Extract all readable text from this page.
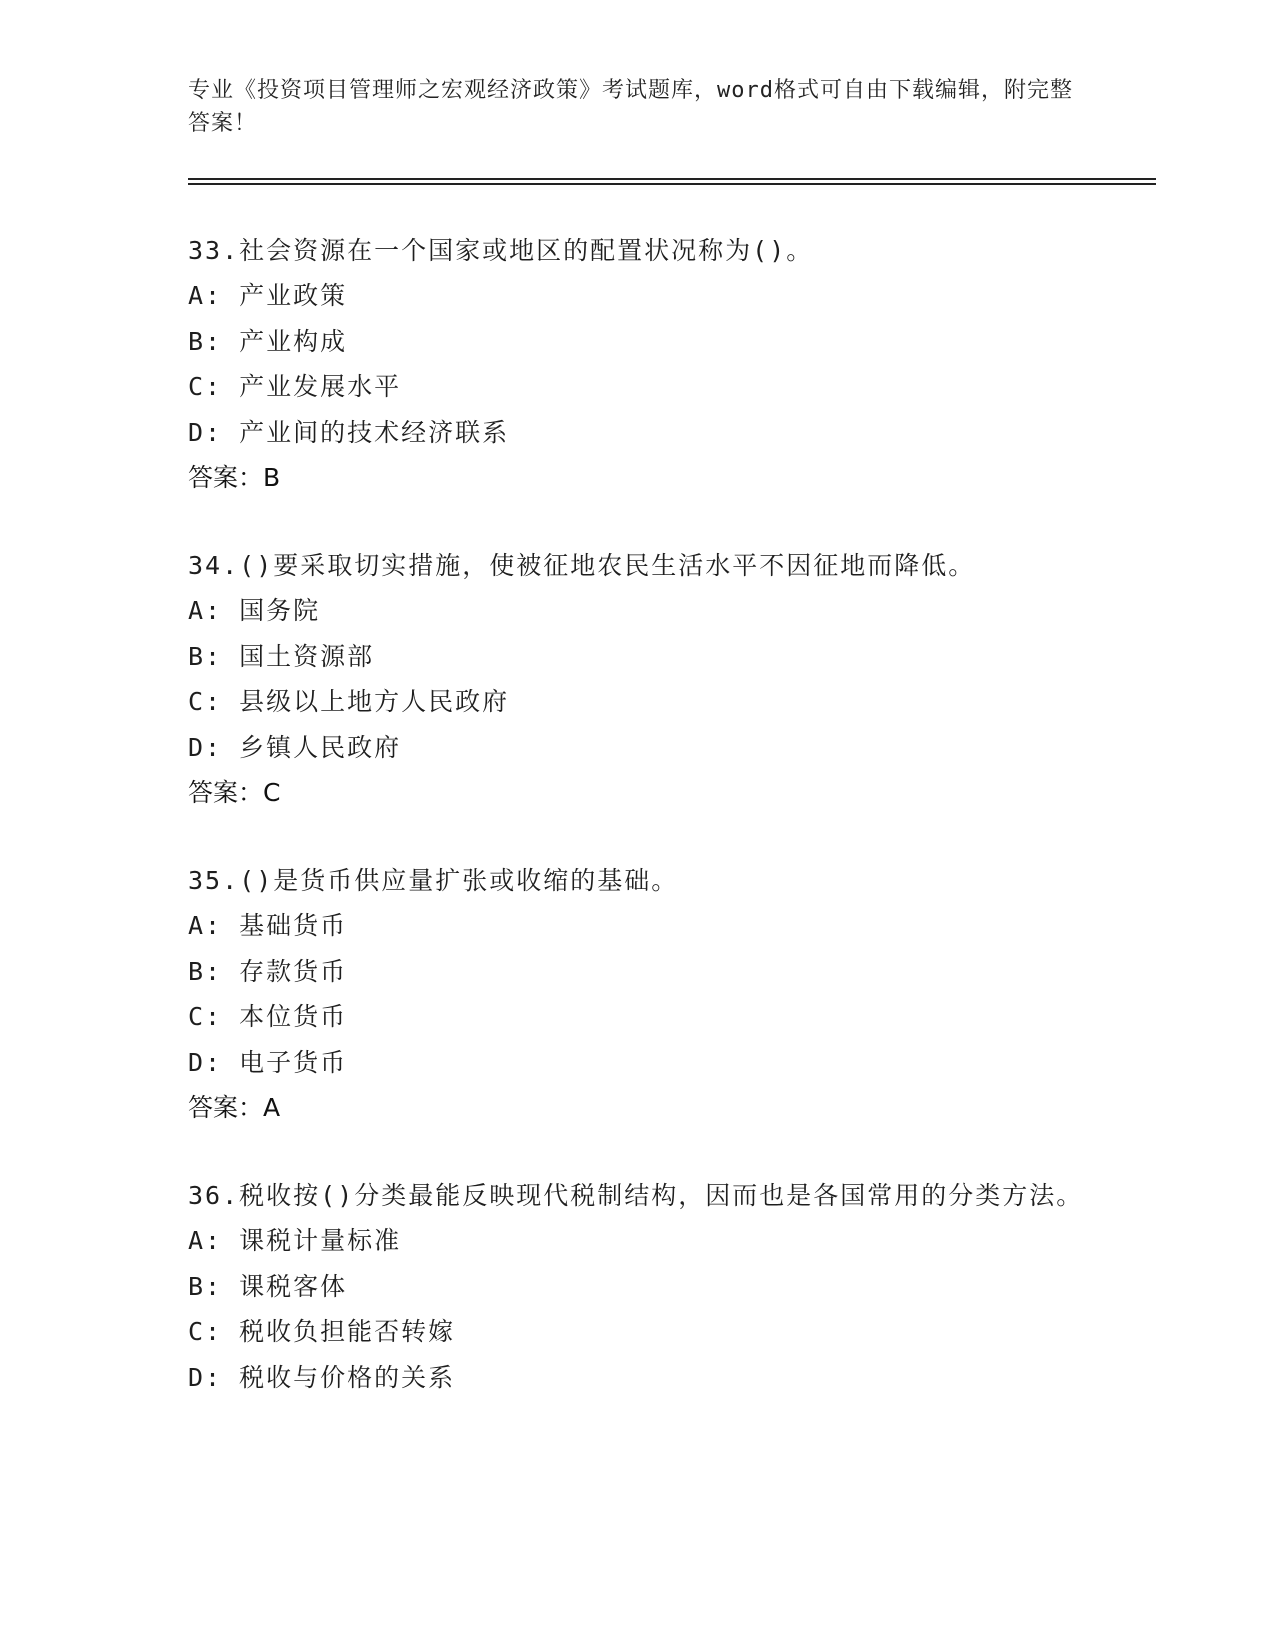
专业《投资项目管理师之宏观经济政策》考试题库，word格式可自由下载编辑，附完整答案！
33.社会资源在一个国家或地区的配置状况称为()。
A: 产业政策
B: 产业构成
C: 产业发展水平
D: 产业间的技术经济联系
答案：B
34.()要采取切实措施，使被征地农民生活水平不因征地而降低。
A: 国务院
B: 国土资源部
C: 县级以上地方人民政府
D: 乡镇人民政府
答案：C
35.()是货币供应量扩张或收缩的基础。
A: 基础货币
B: 存款货币
C: 本位货币
D: 电子货币
答案：A
36.税收按()分类最能反映现代税制结构，因而也是各国常用的分类方法。
A: 课税计量标准
B: 课税客体
C: 税收负担能否转嫁
D: 税收与价格的关系
